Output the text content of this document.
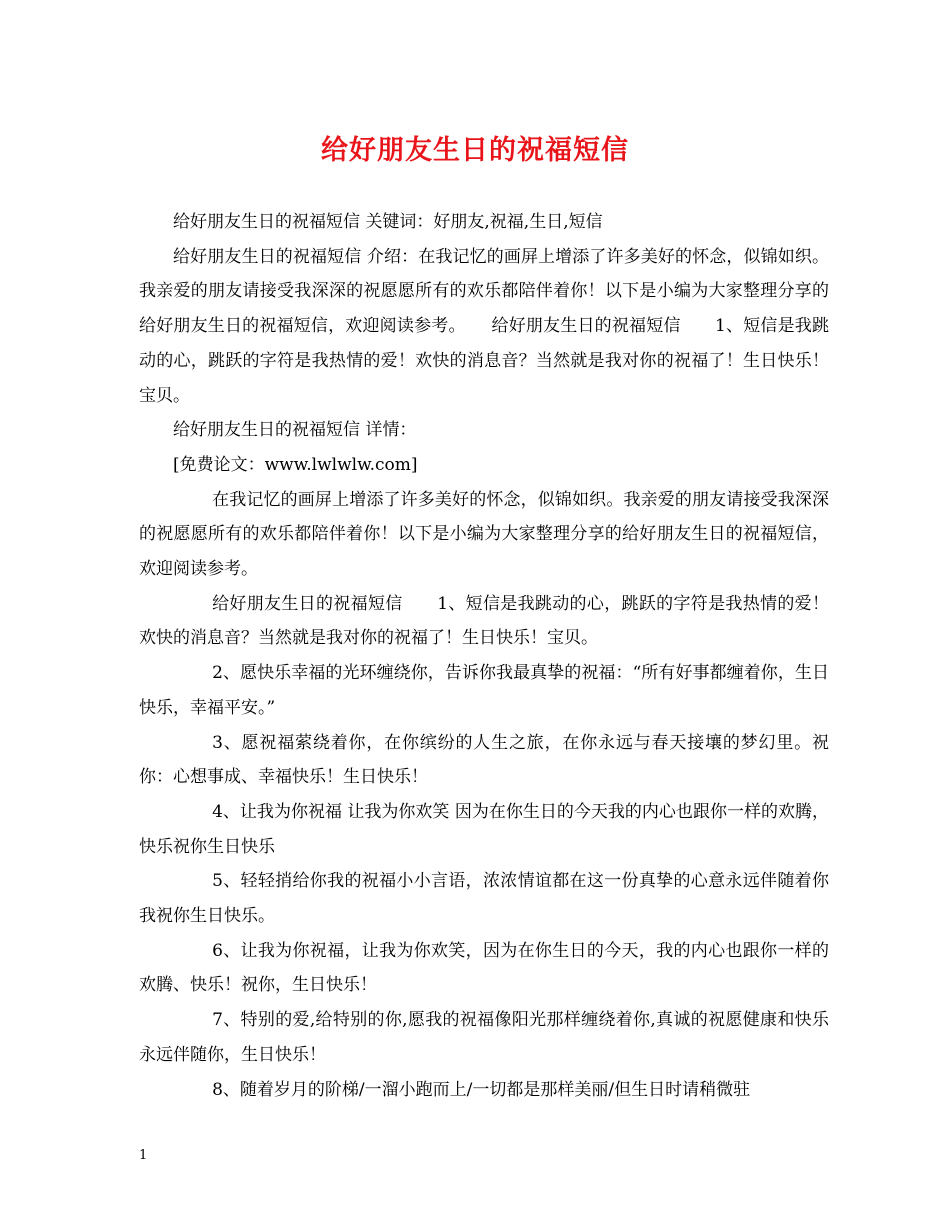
给好朋友生日的祝福短信

给好朋友生日的祝福短信 关键词：好朋友,祝福,生日,短信

给好朋友生日的祝福短信 介绍：在我记忆的画屏上增添了许多美好的怀念，似锦如织。我亲爱的朋友请接受我深深的祝愿愿所有的欢乐都陪伴着你！以下是小编为大家整理分享的给好朋友生日的祝福短信，欢迎阅读参考。　　给好朋友生日的祝福短信　　1、短信是我跳动的心，跳跃的字符是我热情的爱！欢快的消息音？当然就是我对你的祝福了！生日快乐！宝贝。

给好朋友生日的祝福短信 详情：

[免费论文：www.lwlwlw.com]

在我记忆的画屏上增添了许多美好的怀念，似锦如织。我亲爱的朋友请接受我深深的祝愿愿所有的欢乐都陪伴着你！以下是小编为大家整理分享的给好朋友生日的祝福短信，欢迎阅读参考。

给好朋友生日的祝福短信　　1、短信是我跳动的心，跳跃的字符是我热情的爱！欢快的消息音？当然就是我对你的祝福了！生日快乐！宝贝。

2、愿快乐幸福的光环缠绕你，告诉你我最真挚的祝福：“所有好事都缠着你，生日快乐，幸福平安。”

3、愿祝福萦绕着你，在你缤纷的人生之旅，在你永远与春天接壤的梦幻里。祝你：心想事成、幸福快乐！生日快乐！

4、让我为你祝福 让我为你欢笑 因为在你生日的今天我的内心也跟你一样的欢腾，快乐祝你生日快乐

5、轻轻捎给你我的祝福小小言语，浓浓情谊都在这一份真挚的心意永远伴随着你我祝你生日快乐。

6、让我为你祝福，让我为你欢笑，因为在你生日的今天，我的内心也跟你一样的欢腾、快乐！祝你，生日快乐！

7、特别的爱,给特别的你,愿我的祝福像阳光那样缠绕着你,真诚的祝愿健康和快乐永远伴随你，生日快乐！

8、随着岁月的阶梯/一溜小跑而上/一切都是那样美丽/但生日时请稍微驻

1
